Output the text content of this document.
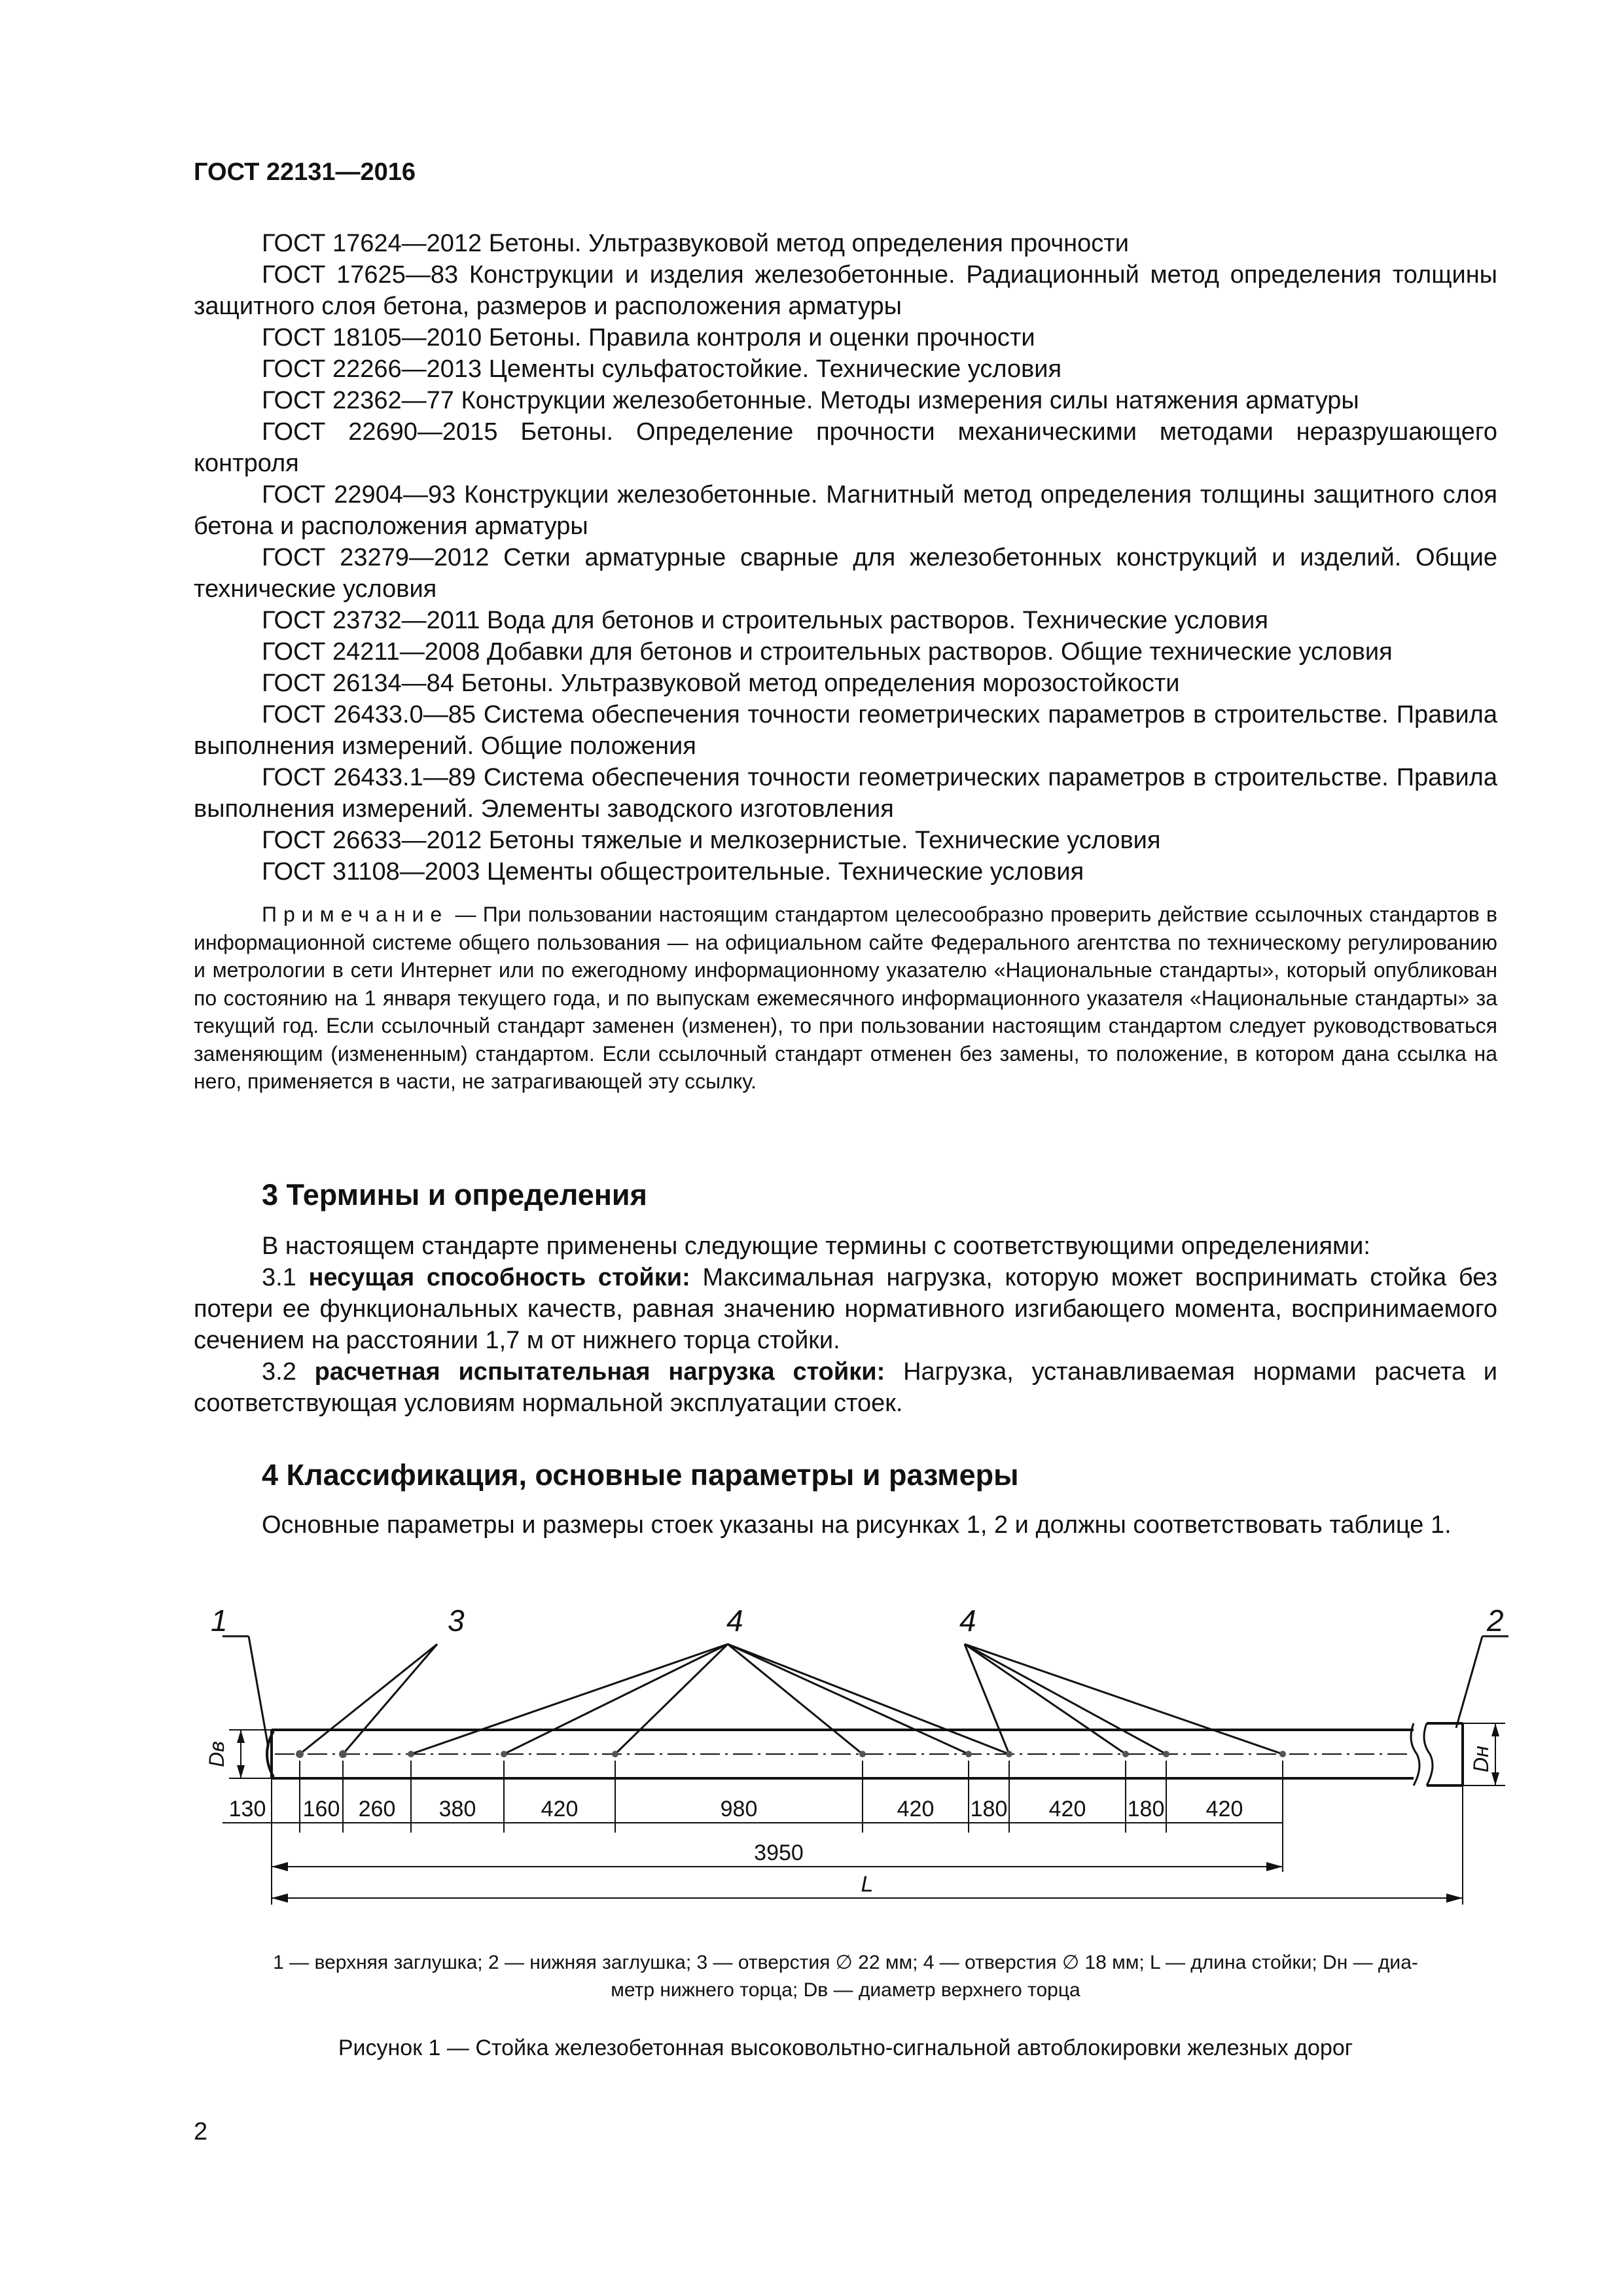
ГОСТ 22131—2016
ГОСТ 17624—2012 Бетоны. Ультразвуковой метод определения прочности
ГОСТ 17625—83 Конструкции и изделия железобетонные. Радиационный метод определения толщины защитного слоя бетона, размеров и расположения арматуры
ГОСТ 18105—2010 Бетоны. Правила контроля и оценки прочности
ГОСТ 22266—2013 Цементы сульфатостойкие. Технические условия
ГОСТ 22362—77 Конструкции железобетонные. Методы измерения силы натяжения арматуры
ГОСТ 22690—2015 Бетоны. Определение прочности механическими методами неразрушающего контроля
ГОСТ 22904—93 Конструкции железобетонные. Магнитный метод определения толщины защитного слоя бетона и расположения арматуры
ГОСТ 23279—2012 Сетки арматурные сварные для железобетонных конструкций и изделий. Общие технические условия
ГОСТ 23732—2011 Вода для бетонов и строительных растворов. Технические условия
ГОСТ 24211—2008 Добавки для бетонов и строительных растворов. Общие технические условия
ГОСТ 26134—84 Бетоны. Ультразвуковой метод определения морозостойкости
ГОСТ 26433.0—85 Система обеспечения точности геометрических параметров в строительстве. Правила выполнения измерений. Общие положения
ГОСТ 26433.1—89 Система обеспечения точности геометрических параметров в строительстве. Правила выполнения измерений. Элементы заводского изготовления
ГОСТ 26633—2012 Бетоны тяжелые и мелкозернистые. Технические условия
ГОСТ 31108—2003 Цементы общестроительные. Технические условия
Примечание — При пользовании настоящим стандартом целесообразно проверить действие ссылочных стандартов в информационной системе общего пользования — на официальном сайте Федерального агентства по техническому регулированию и метрологии в сети Интернет или по ежегодному информационному указателю «Национальные стандарты», который опубликован по состоянию на 1 января текущего года, и по выпускам ежемесячного информационного указателя «Национальные стандарты» за текущий год. Если ссылочный стандарт заменен (изменен), то при пользовании настоящим стандартом следует руководствоваться заменяющим (измененным) стандартом. Если ссылочный стандарт отменен без замены, то положение, в котором дана ссылка на него, применяется в части, не затрагивающей эту ссылку.
3 Термины и определения

В настоящем стандарте применены следующие термины с соответствующими определениями:

3.1 несущая способность стойки: Максимальная нагрузка, которую может воспринимать стойка без потери ее функциональных качеств, равная значению нормативного изгибающего момента, воспринимаемого сечением на расстоянии 1,7 м от нижнего торца стойки.

3.2 расчетная испытательная нагрузка стойки: Нагрузка, устанавливаемая нормами расчета и соответствующая условиям нормальной эксплуатации стоек.

4 Классификация, основные параметры и размеры

Основные параметры и размеры стоек указаны на рисунках 1, 2 и должны соответствовать таблице 1.

1	3	4	4	2
Dв	Dн
130 160 260 380	420	980	420 180 420 180 420
3950
L
1 — верхняя заглушка; 2 — нижняя заглушка; 3 — отверстия ∅ 22 мм; 4 — отверстия ∅ 18 мм; L — длина стойки; Dн — диа-
метр нижнего торца; Dв — диаметр верхнего торца
Рисунок 1 — Стойка железобетонная высоковольтно-сигнальной автоблокировки железных дорог
2
